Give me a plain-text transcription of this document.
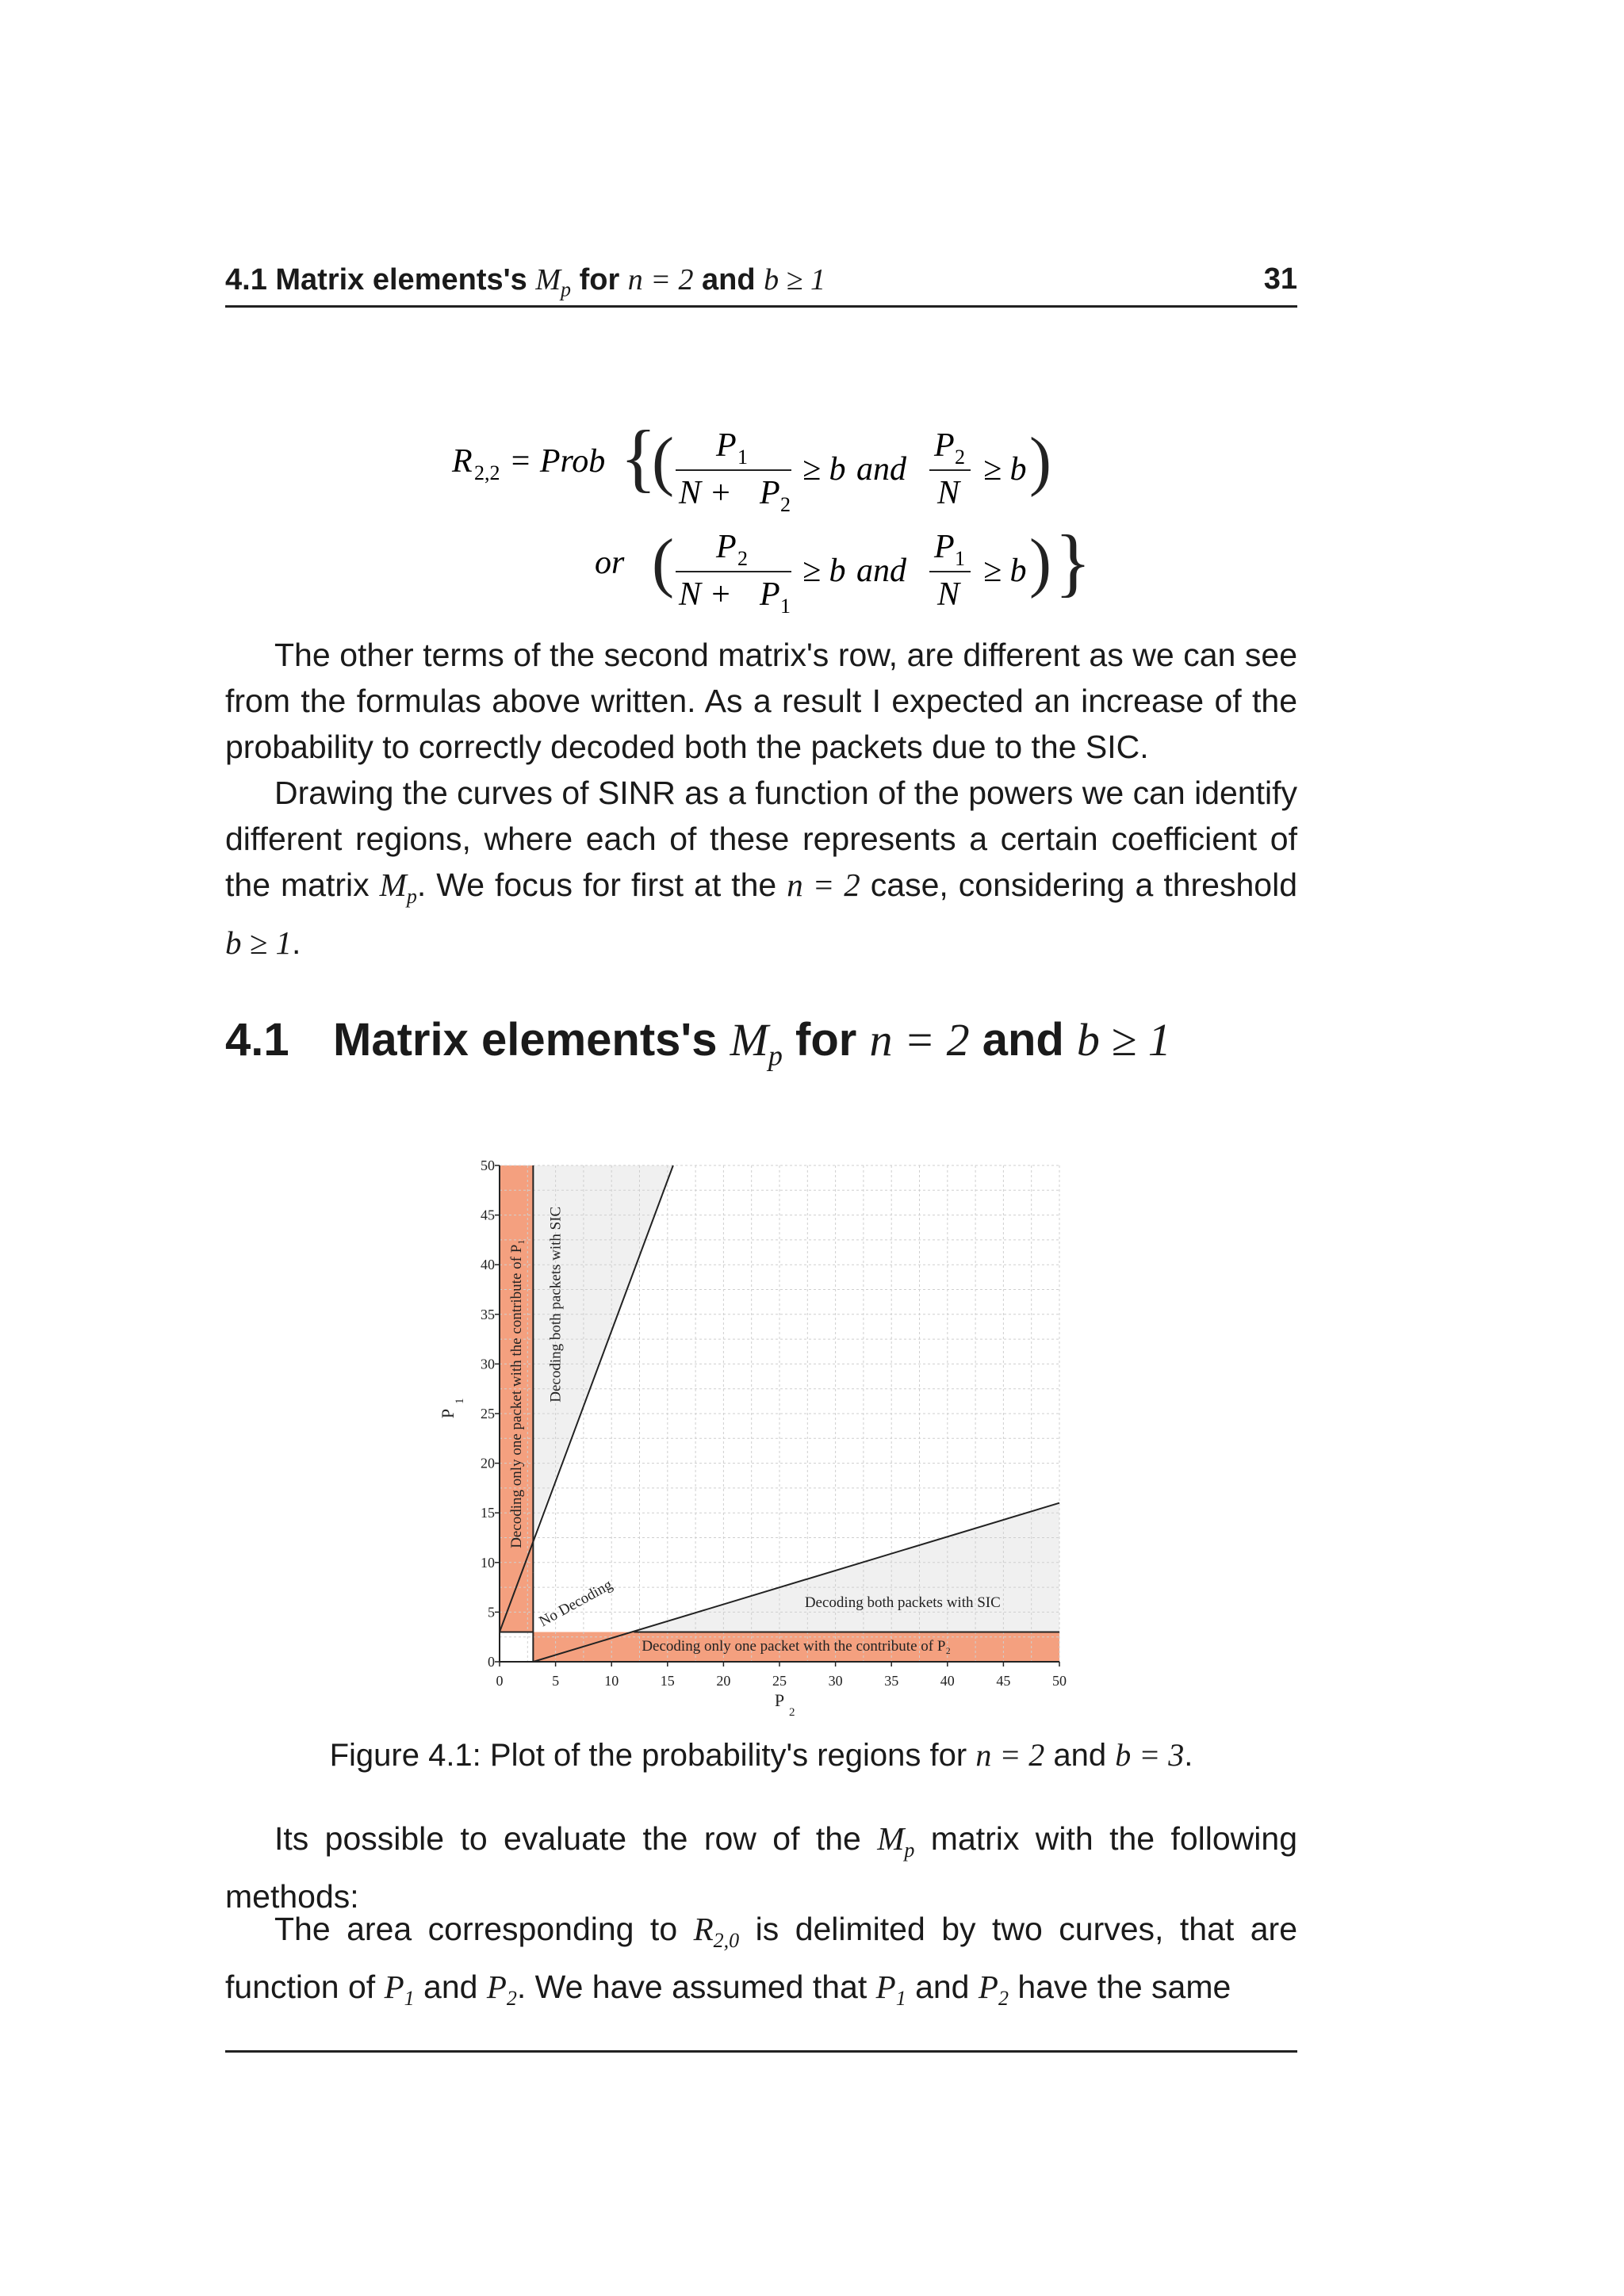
4.1 Matrix elements's $M_p$ for n = 2 and b ≥ 1	31
R 2,2 = Prob {
( P 1
N + P 2
≥ b and
P 2
N
≥ b )
or ( P 2
N + P 1
≥ b and
P 1
N
≥ b ) }
The other terms of the second matrix's row, are different as we can see from the formulas above written. As a result I expected an increase of the probability to correctly decoded both the packets due to the SIC.
Drawing the curves of SINR as a function of the powers we can identify different regions, where each of these represents a certain coefficient of the matrix $M_p$. We focus for first at the n = 2 case, considering a threshold b ≥ 1.
4.1 Matrix elements's $M_p$ for n = 2 and b ≥ 1
0	5	10	15	20	25	30	35	40	45	50
0
5
10
15
20
25
30
35
40
45
50
P
2
P
1	Decoding only one packet with the contribute of P₁ Decoding both packets with SIC
No Decoding	Decoding both packets with SIC
Decoding only one packet with the contribute of P₂
Figure 4.1: Plot of the probability's regions for n = 2 and b = 3.
Its possible to evaluate the row of the $M_p$ matrix with the following methods:
The area corresponding to $R_{2,0}$ is delimited by two curves, that are function of $P_1$ and $P_2$. We have assumed that $P_1$ and $P_2$ have the same
